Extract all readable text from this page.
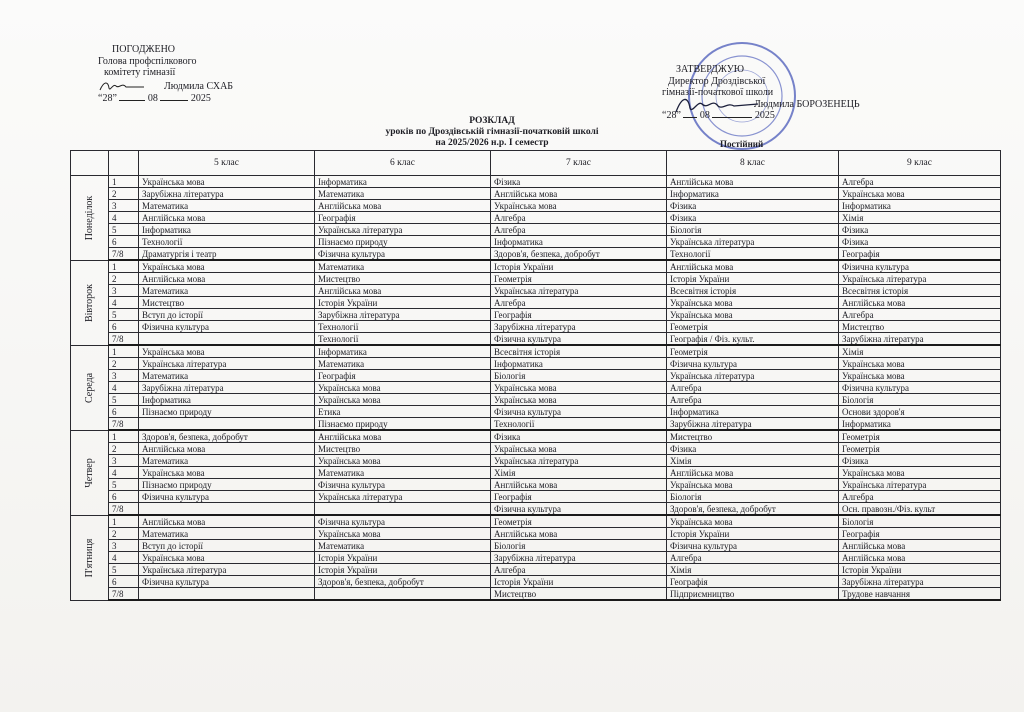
ПОГОДЖЕНО
Голова профспілкового
комітету гімназії
Людмила СХАБ
“28”	08	2025
ЗАТВЕРДЖУЮ
Директор Дроздівської
гімназії-початкової школи
Людмила БОРОЗЕНЕЦЬ
“28” 08	2025
РОЗКЛАД
уроків по Дроздівській гімназії-початковій школі
на 2025/2026 н.р. І семестр	Постійний
		5 клас	6 клас	7 клас	8 клас	9 клас

Понеділок	1	Українська мова	Інформатика	Фізика	Англійська мова	Алгебра
	2	Зарубіжна література	Математика	Англійська мова	Інформатика	Українська мова
	3	Математика	Англійська мова	Українська мова	Фізика	Інформатика
	4	Англійська мова	Географія	Алгебра	Фізика	Хімія
	5	Інформатика	Українська література	Алгебра	Біологія	Фізика
	6	Технології	Пізнаємо природу	Інформатика	Українська література	Фізика
	7/8	Драматургія і театр	Фізична культура	Здоров'я, безпека, добробут	Технології	Географія

Вівторок	1	Українська мова	Математика	Історія України	Англійська мова	Фізична культура
	2	Англійська мова	Мистецтво	Геометрія	Історія України	Українська література
	3	Математика	Англійська мова	Українська література	Всесвітня історія	Всесвітня історія
	4	Мистецтво	Історія України	Алгебра	Українська мова	Англійська мова
	5	Вступ до історії	Зарубіжна література	Географія	Українська мова	Алгебра
	6	Фізична культура	Технології	Зарубіжна література	Геометрія	Мистецтво
	7/8		Технології	Фізична культура	Географія / Фіз. культ.	Зарубіжна література

Середа	1	Українська мова	Інформатика	Всесвітня історія	Геометрія	Хімія
	2	Українська література	Математика	Інформатика	Фізична культура	Українська мова
	3	Математика	Географія	Біологія	Українська література	Українська мова
	4	Зарубіжна література	Українська мова	Українська мова	Алгебра	Фізична культура
	5	Інформатика	Українська мова	Українська мова	Алгебра	Біологія
	6	Пізнаємо природу	Етика	Фізична культура	Інформатика	Основи здоров'я
	7/8		Пізнаємо природу	Технології	Зарубіжна література	Інформатика

Четвер	1	Здоров'я, безпека, добробут	Англійська мова	Фізика	Мистецтво	Геометрія
	2	Англійська мова	Мистецтво	Українська мова	Фізика	Геометрія
	3	Математика	Українська мова	Українська література	Хімія	Фізика
	4	Українська мова	Математика	Хімія	Англійська мова	Українська мова
	5	Пізнаємо природу	Фізична культура	Англійська мова	Українська мова	Українська література
	6	Фізична культура	Українська література	Географія	Біологія	Алгебра
	7/8			Фізична культура	Здоров'я, безпека, добробут	Осн. правозн./Фіз. культ

П'ятниця	1	Англійська мова	Фізична культура	Геометрія	Українська мова	Біологія
	2	Математика	Українська мова	Англійська мова	Історія України	Географія
	3	Вступ до історії	Математика	Біологія	Фізична культура	Англійська мова
	4	Українська мова	Історія України	Зарубіжна література	Алгебра	Англійська мова
	5	Українська література	Історія України	Алгебра	Хімія	Історія України
	6	Фізична культура	Здоров'я, безпека, добробут	Історія України	Географія	Зарубіжна література
	7/8			Мистецтво	Підприємництво	Трудове навчання
